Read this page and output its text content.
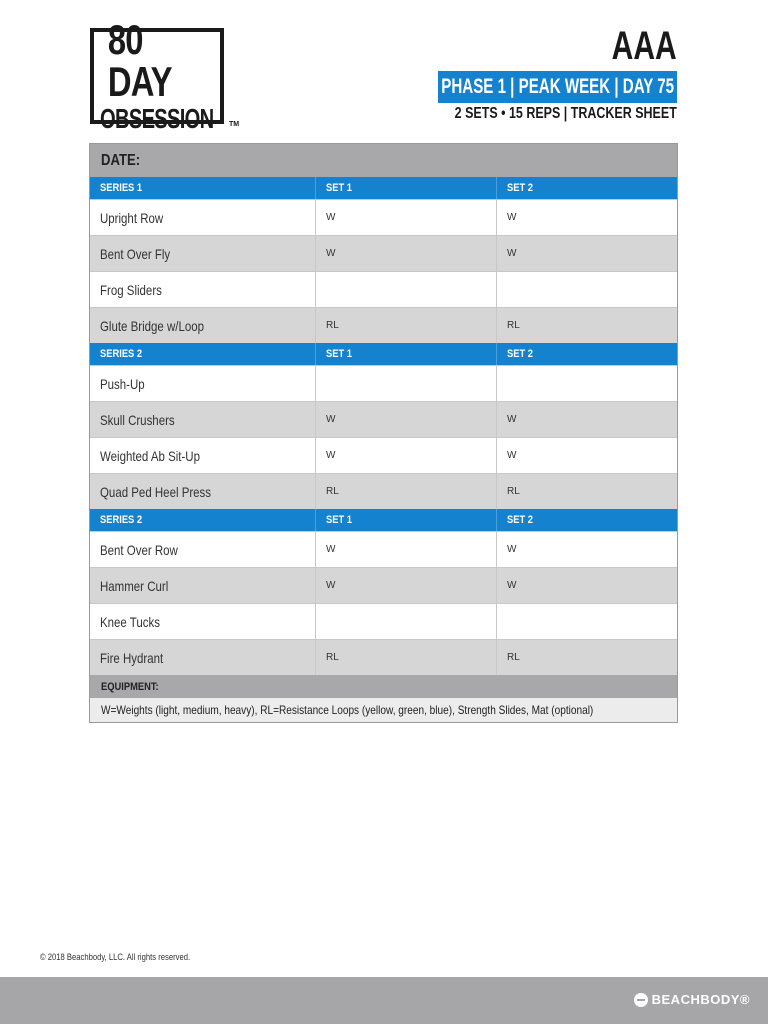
80 DAY
OBSESSION TM
AAA
PHASE 1 | PEAK WEEK | DAY 75
2 SETS • 15 REPS | TRACKER SHEET
DATE:
SERIES 1	SET 1	SET 2
Upright Row	W	W
Bent Over Fly	W	W
Frog Sliders
Glute Bridge w/Loop	RL	RL
SERIES 2	SET 1	SET 2
Push-Up
Skull Crushers	W	W
Weighted Ab Sit-Up	W	W
Quad Ped Heel Press	RL	RL
SERIES 2	SET 1	SET 2
Bent Over Row	W	W
Hammer Curl	W	W
Knee Tucks
Fire Hydrant	RL	RL
EQUIPMENT:
W=Weights (light, medium, heavy), RL=Resistance Loops (yellow, green, blue), Strength Slides, Mat (optional)
© 2018 Beachbody, LLC. All rights reserved.
BEACHBODY®
